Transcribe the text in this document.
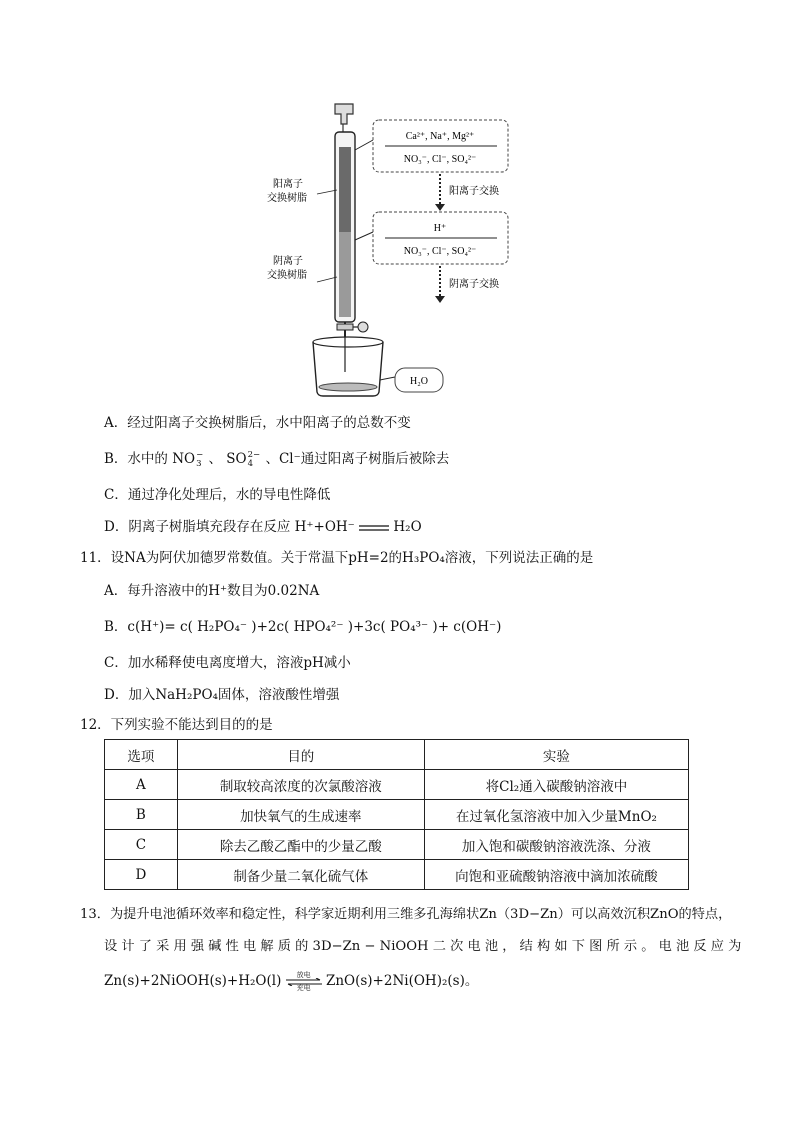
Ca²⁺, Na⁺, Mg²⁺
NO₃⁻, Cl⁻, SO₄²⁻
H⁺
NO₃⁻, Cl⁻, SO₄²⁻
阳离子交换
阴离子交换
阳离子
交换树脂
阴离子
交换树脂
H₂O
A．经过阳离子交换树脂后，水中阳离子的总数不变
B．水中的 NO −
3 、 SO 2−
4 、Cl⁻通过阳离子树脂后被除去
C．通过净化处理后，水的导电性降低
D．阴离子树脂填充段存在反应 H⁺+OH⁻	H₂O
11．设NA为阿伏加德罗常数值。关于常温下pH=2的H₃PO₄溶液，下列说法正确的是
A．每升溶液中的H⁺数目为0.02NA
B．c(H⁺)= c( H₂PO₄⁻ )+2c( HPO₄²⁻ )+3c( PO₄³⁻ )+ c(OH⁻)
C．加水稀释使电离度增大，溶液pH减小
D．加入NaH₂PO₄固体，溶液酸性增强
12．下列实验不能达到目的的是
选项	目的	实验
A	制取较高浓度的次氯酸溶液	将Cl₂通入碳酸钠溶液中
B	加快氧气的生成速率	在过氧化氢溶液中加入少量MnO₂
C	除去乙酸乙酯中的少量乙酸	加入饱和碳酸钠溶液洗涤、分液
D	制备少量二氧化硫气体	向饱和亚硫酸钠溶液中滴加浓硫酸
13．为提升电池循环效率和稳定性，科学家近期利用三维多孔海绵状Zn（3D−Zn）可以高效沉积ZnO的特点，
设 计 了 采 用 强 碱 性 电 解 质 的 3D−Zn − NiOOH 二 次 电 池 ， 结 构 如 下 图 所 示 。 电 池 反 应 为
Zn(s)+2NiOOH(s)+H₂O(l)	放电
充电	ZnO(s)+2Ni(OH)₂(s)。
